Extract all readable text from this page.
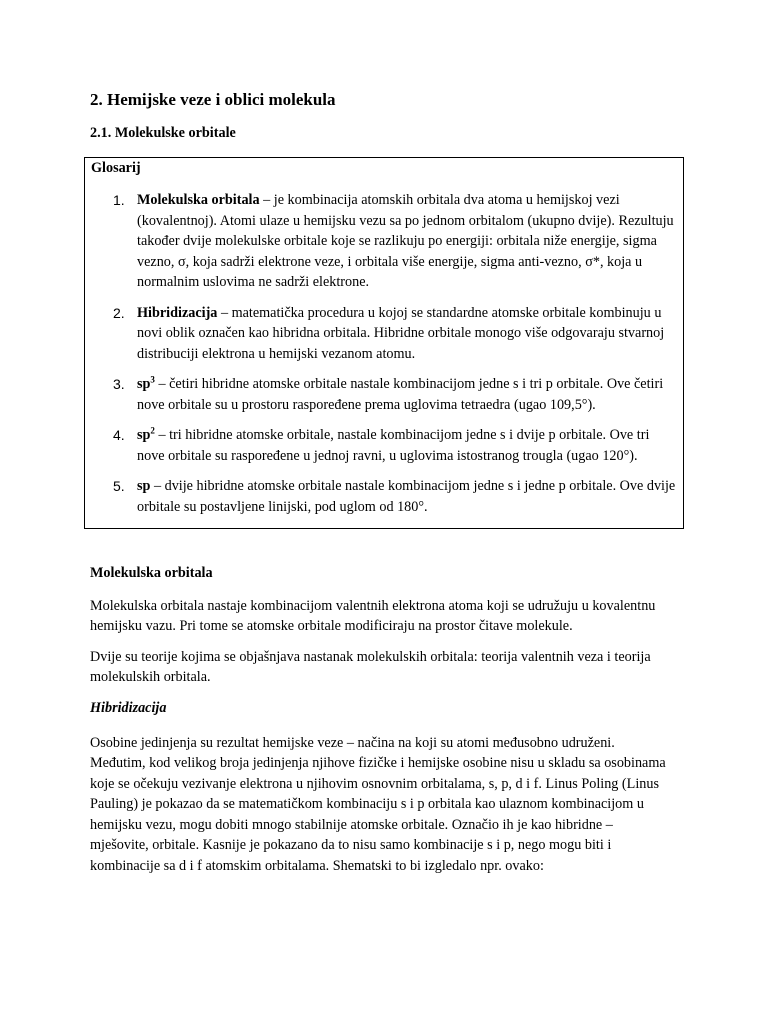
2. Hemijske veze i oblici molekula
2.1. Molekulske orbitale
Glosarij
1. Molekulska orbitala – je kombinacija atomskih orbitala dva atoma u hemijskoj vezi (kovalentnoj). Atomi ulaze u hemijsku vezu sa po jednom orbitalom (ukupno dvije). Rezultuju također dvije molekulske orbitale koje se razlikuju po energiji: orbitala niže energije, sigma vezno, σ, koja sadrži elektrone veze, i orbitala više energije, sigma anti-vezno, σ*, koja u normalnim uslovima ne sadrži elektrone.
2. Hibridizacija – matematička procedura u kojoj se standardne atomske orbitale kombinuju u novi oblik označen kao hibridna orbitala. Hibridne orbitale monogo više odgovaraju stvarnoj distribuciji elektrona u hemijski vezanom atomu.
3. $sp^3$ – četiri hibridne atomske orbitale nastale kombinacijom jedne s i tri p orbitale. Ove četiri nove orbitale su u prostoru raspoređene prema uglovima tetraedra (ugao 109,5°).
4. $sp^2$ – tri hibridne atomske orbitale, nastale kombinacijom jedne s i dvije p orbitale. Ove tri nove orbitale su raspoređene u jednoj ravni, u uglovima istostranog trougla (ugao 120°).
5. sp – dvije hibridne atomske orbitale nastale kombinacijom jedne s i jedne p orbitale. Ove dvije orbitale su postavljene linijski, pod uglom od 180°.
Molekulska orbitala

Molekulska orbitala nastaje kombinacijom valentnih elektrona atoma koji se udružuju u kovalentnu hemijsku vazu. Pri tome se atomske orbitale modificiraju na prostor čitave molekule.

Dvije su teorije kojima se objašnjava nastanak molekulskih orbitala: teorija valentnih veza i teorija molekulskih orbitala.

Hibridizacija

Osobine jedinjenja su rezultat hemijske veze – načina na koji su atomi međusobno udruženi. Međutim, kod velikog broja jedinjenja njihove fizičke i hemijske osobine nisu u skladu sa osobinama koje se očekuju vezivanje elektrona u njihovim osnovnim orbitalama, s, p, d i f. Linus Poling (Linus Pauling) je pokazao da se matematičkom kombinaciju s i p orbitala kao ulaznom kombinacijom u hemijsku vezu, mogu dobiti mnogo stabilnije atomske orbitale. Označio ih je kao hibridne – mješovite, orbitale. Kasnije je pokazano da to nisu samo kombinacije s i p, nego mogu biti i kombinacije sa d i f atomskim orbitalama. Shematski to bi izgledalo npr. ovako:
